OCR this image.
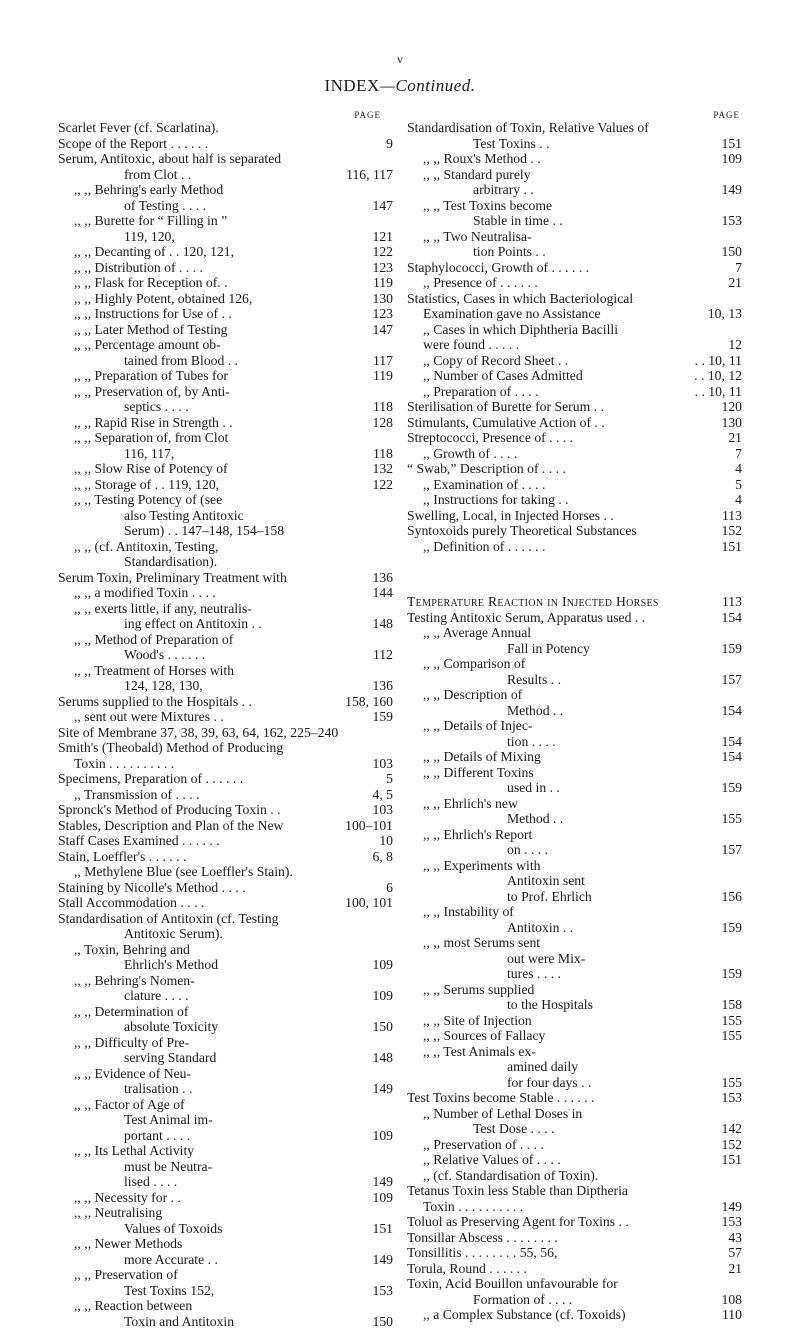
v
INDEX—Continued.
PAGE
Scarlet Fever (cf. Scarlatina).
Scope of the Report . . . . . .	9
Serum, Antitoxic, about half is separated
from Clot . .	116, 117
,, ,, Behring's early Method
of Testing . . . .	147
,, ,, Burette for “ Filling in ”
119, 120,	121
,, ,, Decanting of . . 120, 121,	122
,, ,, Distribution of . . . .	123
,, ,, Flask for Reception of. .	119
,, ,, Highly Potent, obtained 126,	130
,, ,, Instructions for Use of . .	123
,, ,, Later Method of Testing	147
,, ,, Percentage amount ob-
tained from Blood . .	117
,, ,, Preparation of Tubes for	119
,, ,, Preservation of, by Anti-
septics . . . .	118
,, ,, Rapid Rise in Strength . .	128
,, ,, Separation of, from Clot
116, 117,	118
,, ,, Slow Rise of Potency of	132
,, ,, Storage of . . 119, 120,	122
,, ,, Testing Potency of (see
also Testing Antitoxic
Serum) . . 147–148, 154–158
,, ,, (cf. Antitoxin, Testing,
Standardisation).
Serum Toxin, Preliminary Treatment with	136
,, ,, a modified Toxin . . . .	144
,, ,, exerts little, if any, neutralis-
ing effect on Antitoxin . .	148
,, ,, Method of Preparation of
Wood's . . . . . .	112
,, ,, Treatment of Horses with
124, 128, 130,	136
Serums supplied to the Hospitals . .	158, 160
,, sent out were Mixtures . .	159
Site of Membrane 37, 38, 39, 63, 64, 162, 225–240
Smith's (Theobald) Method of Producing
Toxin . . . . . . . . . .	103
Specimens, Preparation of . . . . . .	5
,, Transmission of . . . .	4, 5
Spronck's Method of Producing Toxin . .	103
Stables, Description and Plan of the New	100–101
Staff Cases Examined . . . . . .	10
Stain, Loeffler's . . . . . .	6, 8
,, Methylene Blue (see Loeffler's Stain).
Staining by Nicolle's Method . . . .	6
Stall Accommodation . . . .	100, 101
Standardisation of Antitoxin (cf. Testing
Antitoxic Serum).
,, Toxin, Behring and
Ehrlich's Method	109
,, ,, Behring's Nomen-
clature . . . .	109
,, ,, Determination of
absolute Toxicity	150
,, ,, Difficulty of Pre-
serving Standard	148
,, ,, Evidence of Neu-
tralisation . .	149
,, ,, Factor of Age of
Test Animal im-
portant . . . .	109
,, ,, Its Lethal Activity
must be Neutra-
lised . . . .	149
,, ,, Necessity for . .	109
,, ,, Neutralising
Values of Toxoids	151
,, ,, Newer Methods
more Accurate . .	149
,, ,, Preservation of
Test Toxins 152,	153
,, ,, Reaction between
Toxin and Antitoxin	150
PAGE
Standardisation of Toxin, Relative Values of
Test Toxins . .	151
,, ,, Roux's Method . .	109
,, ,, Standard purely
arbitrary . .	149
,, ,, Test Toxins become
Stable in time . .	153
,, ,, Two Neutralisa-
tion Points . .	150
Staphylococci, Growth of . . . . . .	7
,, Presence of . . . . . .	21
Statistics, Cases in which Bacteriological
Examination gave no Assistance	10, 13
,, Cases in which Diphtheria Bacilli
were found . . . . .	12
,, Copy of Record Sheet . .	. . 10, 11
,, Number of Cases Admitted	. . 10, 12
,, Preparation of . . . .	. . 10, 11
Sterilisation of Burette for Serum . .	120
Stimulants, Cumulative Action of . .	130
Streptococci, Presence of . . . .	21
,, Growth of . . . .	7
“ Swab,” Description of . . . .	4
,, Examination of . . . .	5
,, Instructions for taking . .	4
Swelling, Local, in Injected Horses . .	113
Syntoxoids purely Theoretical Substances	152
,, Definition of . . . . . .	151
Temperature Reaction in Injected Horses	113
Testing Antitoxic Serum, Apparatus used . .	154
,, ,, Average Annual
Fall in Potency	159
,, ,, Comparison of
Results . .	157
,, ,, Description of
Method . .	154
,, ,, Details of Injec-
tion . . . .	154
,, ,, Details of Mixing	154
,, ,, Different Toxins
used in . .	159
,, ,, Ehrlich's new
Method . .	155
,, ,, Ehrlich's Report
on . . . .	157
,, ,, Experiments with
Antitoxin sent
to Prof. Ehrlich	156
,, ,, Instability of
Antitoxin . .	159
,, ,, most Serums sent
out were Mix-
tures . . . .	159
,, ,, Serums supplied
to the Hospitals	158
,, ,, Site of Injection	155
,, ,, Sources of Fallacy	155
,, ,, Test Animals ex-
amined daily
for four days . .	155
Test Toxins become Stable . . . . . .	153
,, Number of Lethal Doses in
Test Dose . . . .	142
,, Preservation of . . . .	152
,, Relative Values of . . . .	151
,, (cf. Standardisation of Toxin).
Tetanus Toxin less Stable than Diptheria
Toxin . . . . . . . . . .	149
Toluol as Preserving Agent for Toxins . .	153
Tonsillar Abscess . . . . . . . .	43
Tonsillitis . . . . . . . . 55, 56,	57
Torula, Round . . . . . .	21
Toxin, Acid Bouillon unfavourable for
Formation of . . . .	108
,, a Complex Substance (cf. Toxoids)	110
